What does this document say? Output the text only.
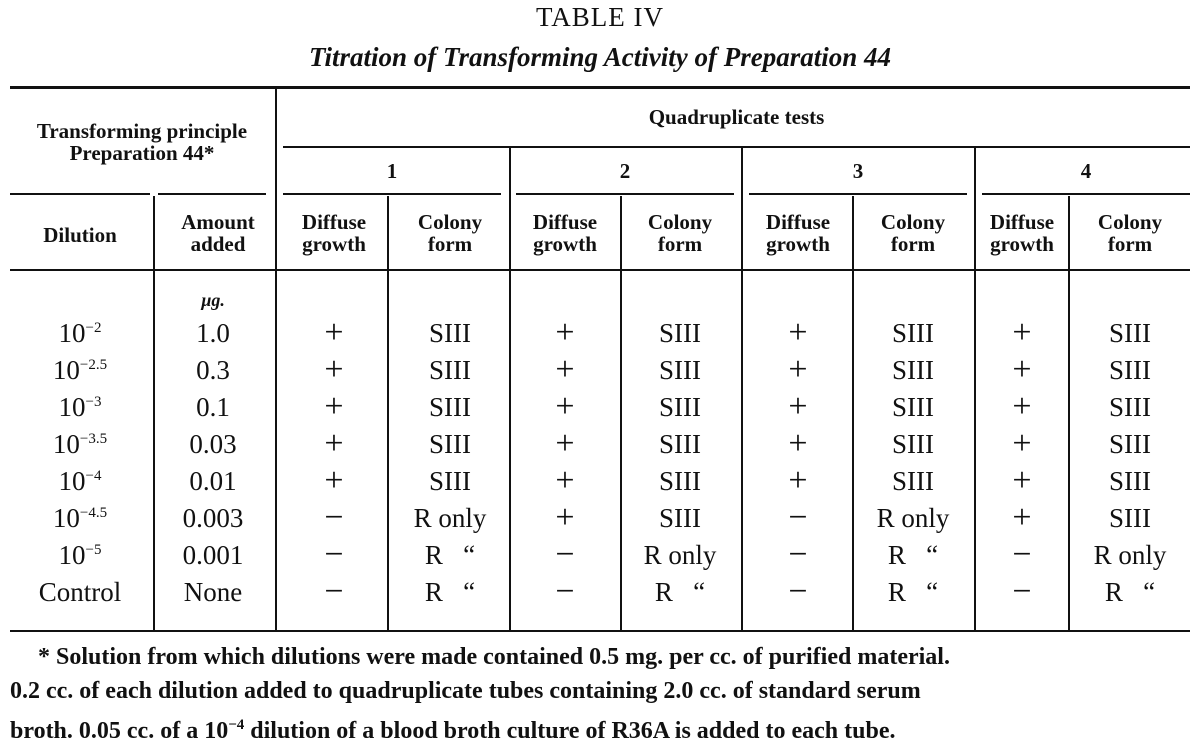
TABLE IV
Titration of Transforming Activity of Preparation 44
Transforming principle Preparation 44*
Quadruplicate tests
1	2	3	4
Dilution
Amount added
Diffuse growth
Colony form
Diffuse growth
Colony form
Diffuse growth
Colony form
Diffuse growth
Colony form
µg.
$10^{-2}$	1.0	+	SIII	+	SIII	+	SIII	+	SIII
$10^{-2.5}$	0.3	+	SIII	+	SIII	+	SIII	+	SIII
$10^{-3}$	0.1	+	SIII	+	SIII	+	SIII	+	SIII
$10^{-3.5}$	0.03	+	SIII	+	SIII	+	SIII	+	SIII
$10^{-4}$	0.01	+	SIII	+	SIII	+	SIII	+	SIII
$10^{-4.5}$	0.003	−	R only	+	SIII	−	R only	+	SIII
$10^{-5}$	0.001	−	R   “	−	R only	−	R   “	−	R only
Control	None	−	R   “	−	R   “	−	R   “	−	R   “

* Solution from which dilutions were made contained 0.5 mg. per cc. of purified material.

0.2 cc. of each dilution added to quadruplicate tubes containing 2.0 cc. of standard serum

broth. 0.05 cc. of a $10^{-4}$ dilution of a blood broth culture of R36A is added to each tube.
